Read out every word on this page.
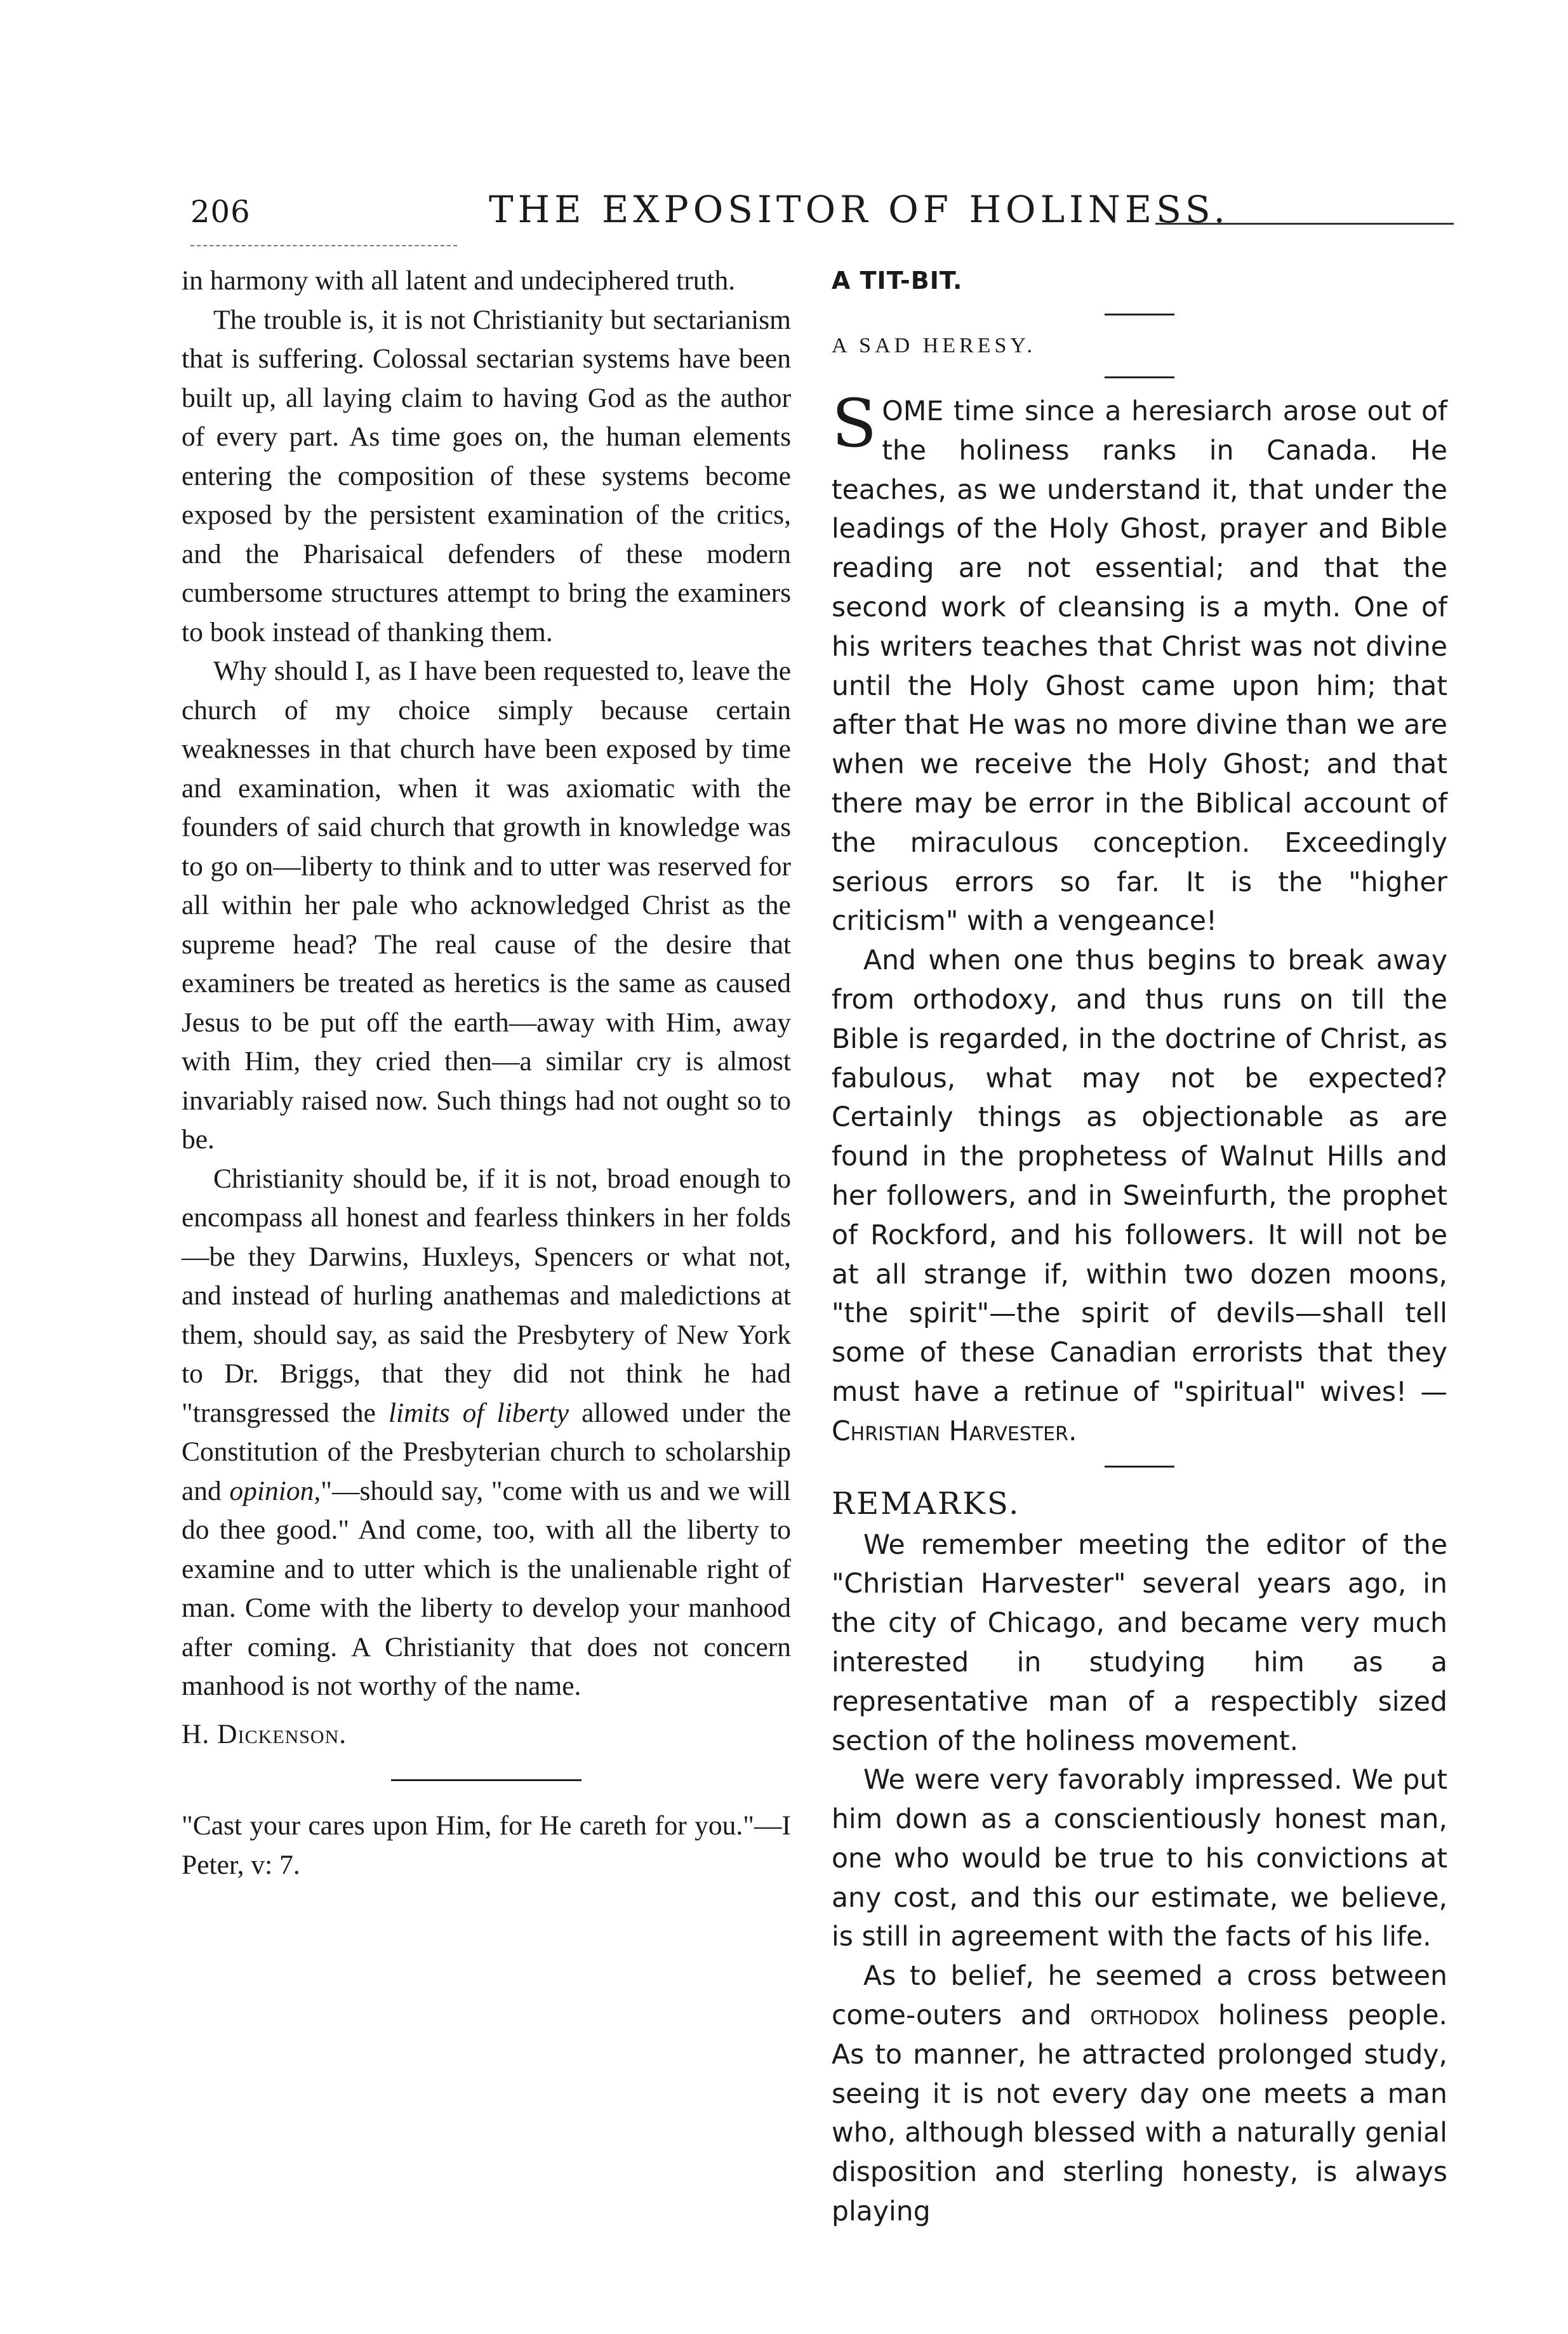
206	THE EXPOSITOR OF HOLINESS.

in harmony with all latent and undeciphered truth.

The trouble is, it is not Christianity but sectarianism that is suffering. Colossal sectarian systems have been built up, all laying claim to having God as the author of every part. As time goes on, the human elements entering the composition of these systems become exposed by the persistent examination of the critics, and the Pharisaical defenders of these modern cumbersome structures attempt to bring the examiners to book instead of thanking them.

Why should I, as I have been requested to, leave the church of my choice simply because certain weaknesses in that church have been exposed by time and examination, when it was axiomatic with the founders of said church that growth in knowledge was to go on—liberty to think and to utter was reserved for all within her pale who acknowledged Christ as the supreme head? The real cause of the desire that examiners be treated as heretics is the same as caused Jesus to be put off the earth—away with Him, away with Him, they cried then—a similar cry is almost invariably raised now. Such things had not ought so to be.

Christianity should be, if it is not, broad enough to encompass all honest and fearless thinkers in her folds—be they Darwins, Huxleys, Spencers or what not, and instead of hurling anathemas and maledictions at them, should say, as said the Presbytery of New York to Dr. Briggs, that they did not think he had "transgressed the limits of liberty allowed under the Constitution of the Presbyterian church to scholarship and opinion,"—should say, "come with us and we will do thee good." And come, too, with all the liberty to examine and to utter which is the unalienable right of man. Come with the liberty to develop your manhood after coming. A Christianity that does not concern manhood is not worthy of the name.

H. Dickenson.

"Cast your cares upon Him, for He careth for you."—I Peter, v: 7.

A TIT-BIT.

A SAD HERESY.

SOME time since a heresiarch arose out of the holiness ranks in Canada. He teaches, as we understand it, that under the leadings of the Holy Ghost, prayer and Bible reading are not essential; and that the second work of cleansing is a myth. One of his writers teaches that Christ was not divine until the Holy Ghost came upon him; that after that He was no more divine than we are when we receive the Holy Ghost; and that there may be error in the Biblical account of the miraculous conception. Exceedingly serious errors so far. It is the "higher criticism" with a vengeance!

And when one thus begins to break away from orthodoxy, and thus runs on till the Bible is regarded, in the doctrine of Christ, as fabulous, what may not be expected? Certainly things as objectionable as are found in the prophetess of Walnut Hills and her followers, and in Sweinfurth, the prophet of Rockford, and his followers. It will not be at all strange if, within two dozen moons, "the spirit"—the spirit of devils—shall tell some of these Canadian errorists that they must have a retinue of "spiritual" wives! —Christian Harvester.

REMARKS.

We remember meeting the editor of the "Christian Harvester" several years ago, in the city of Chicago, and became very much interested in studying him as a representative man of a respectibly sized section of the holiness movement.

We were very favorably impressed. We put him down as a conscientiously honest man, one who would be true to his convictions at any cost, and this our estimate, we believe, is still in agreement with the facts of his life.

As to belief, he seemed a cross between come-outers and orthodox holiness people. As to manner, he attracted prolonged study, seeing it is not every day one meets a man who, although blessed with a naturally genial disposition and sterling honesty, is always playing
